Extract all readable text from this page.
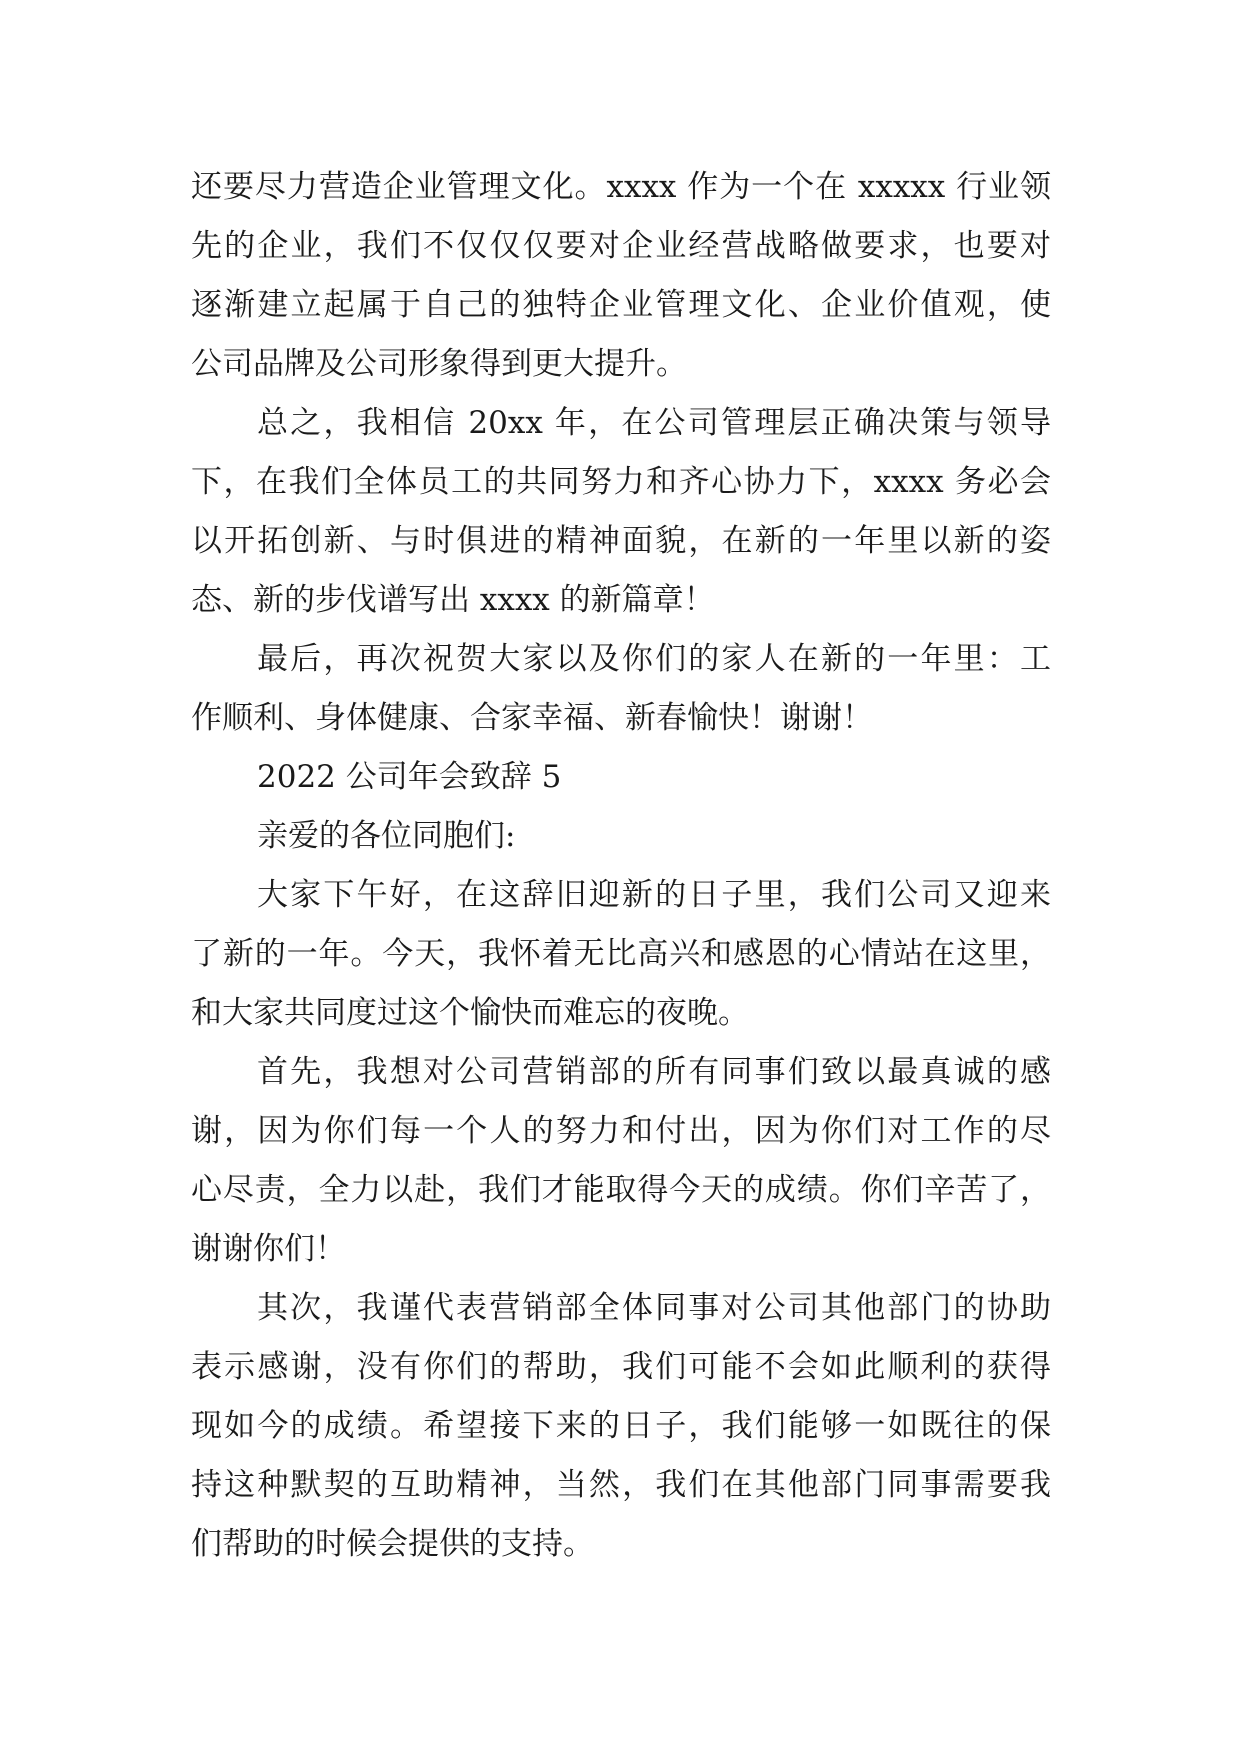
还要尽力营造企业管理文化。xxxx 作为一个在 xxxxx 行业领
先的企业，我们不仅仅仅要对企业经营战略做要求，也要对
逐渐建立起属于自己的独特企业管理文化、企业价值观，使
公司品牌及公司形象得到更大提升。
总之，我相信 20xx 年，在公司管理层正确决策与领导
下，在我们全体员工的共同努力和齐心协力下，xxxx 务必会
以开拓创新、与时俱进的精神面貌，在新的一年里以新的姿
态、新的步伐谱写出 xxxx 的新篇章！
最后，再次祝贺大家以及你们的家人在新的一年里：工
作顺利、身体健康、合家幸福、新春愉快！谢谢！
2022 公司年会致辞 5
亲爱的各位同胞们:
大家下午好，在这辞旧迎新的日子里，我们公司又迎来
了新的一年。今天，我怀着无比高兴和感恩的心情站在这里，
和大家共同度过这个愉快而难忘的夜晚。
首先，我想对公司营销部的所有同事们致以最真诚的感
谢，因为你们每一个人的努力和付出，因为你们对工作的尽
心尽责，全力以赴，我们才能取得今天的成绩。你们辛苦了，
谢谢你们！
其次，我谨代表营销部全体同事对公司其他部门的协助
表示感谢，没有你们的帮助，我们可能不会如此顺利的获得
现如今的成绩。希望接下来的日子，我们能够一如既往的保
持这种默契的互助精神，当然，我们在其他部门同事需要我
们帮助的时候会提供的支持。
